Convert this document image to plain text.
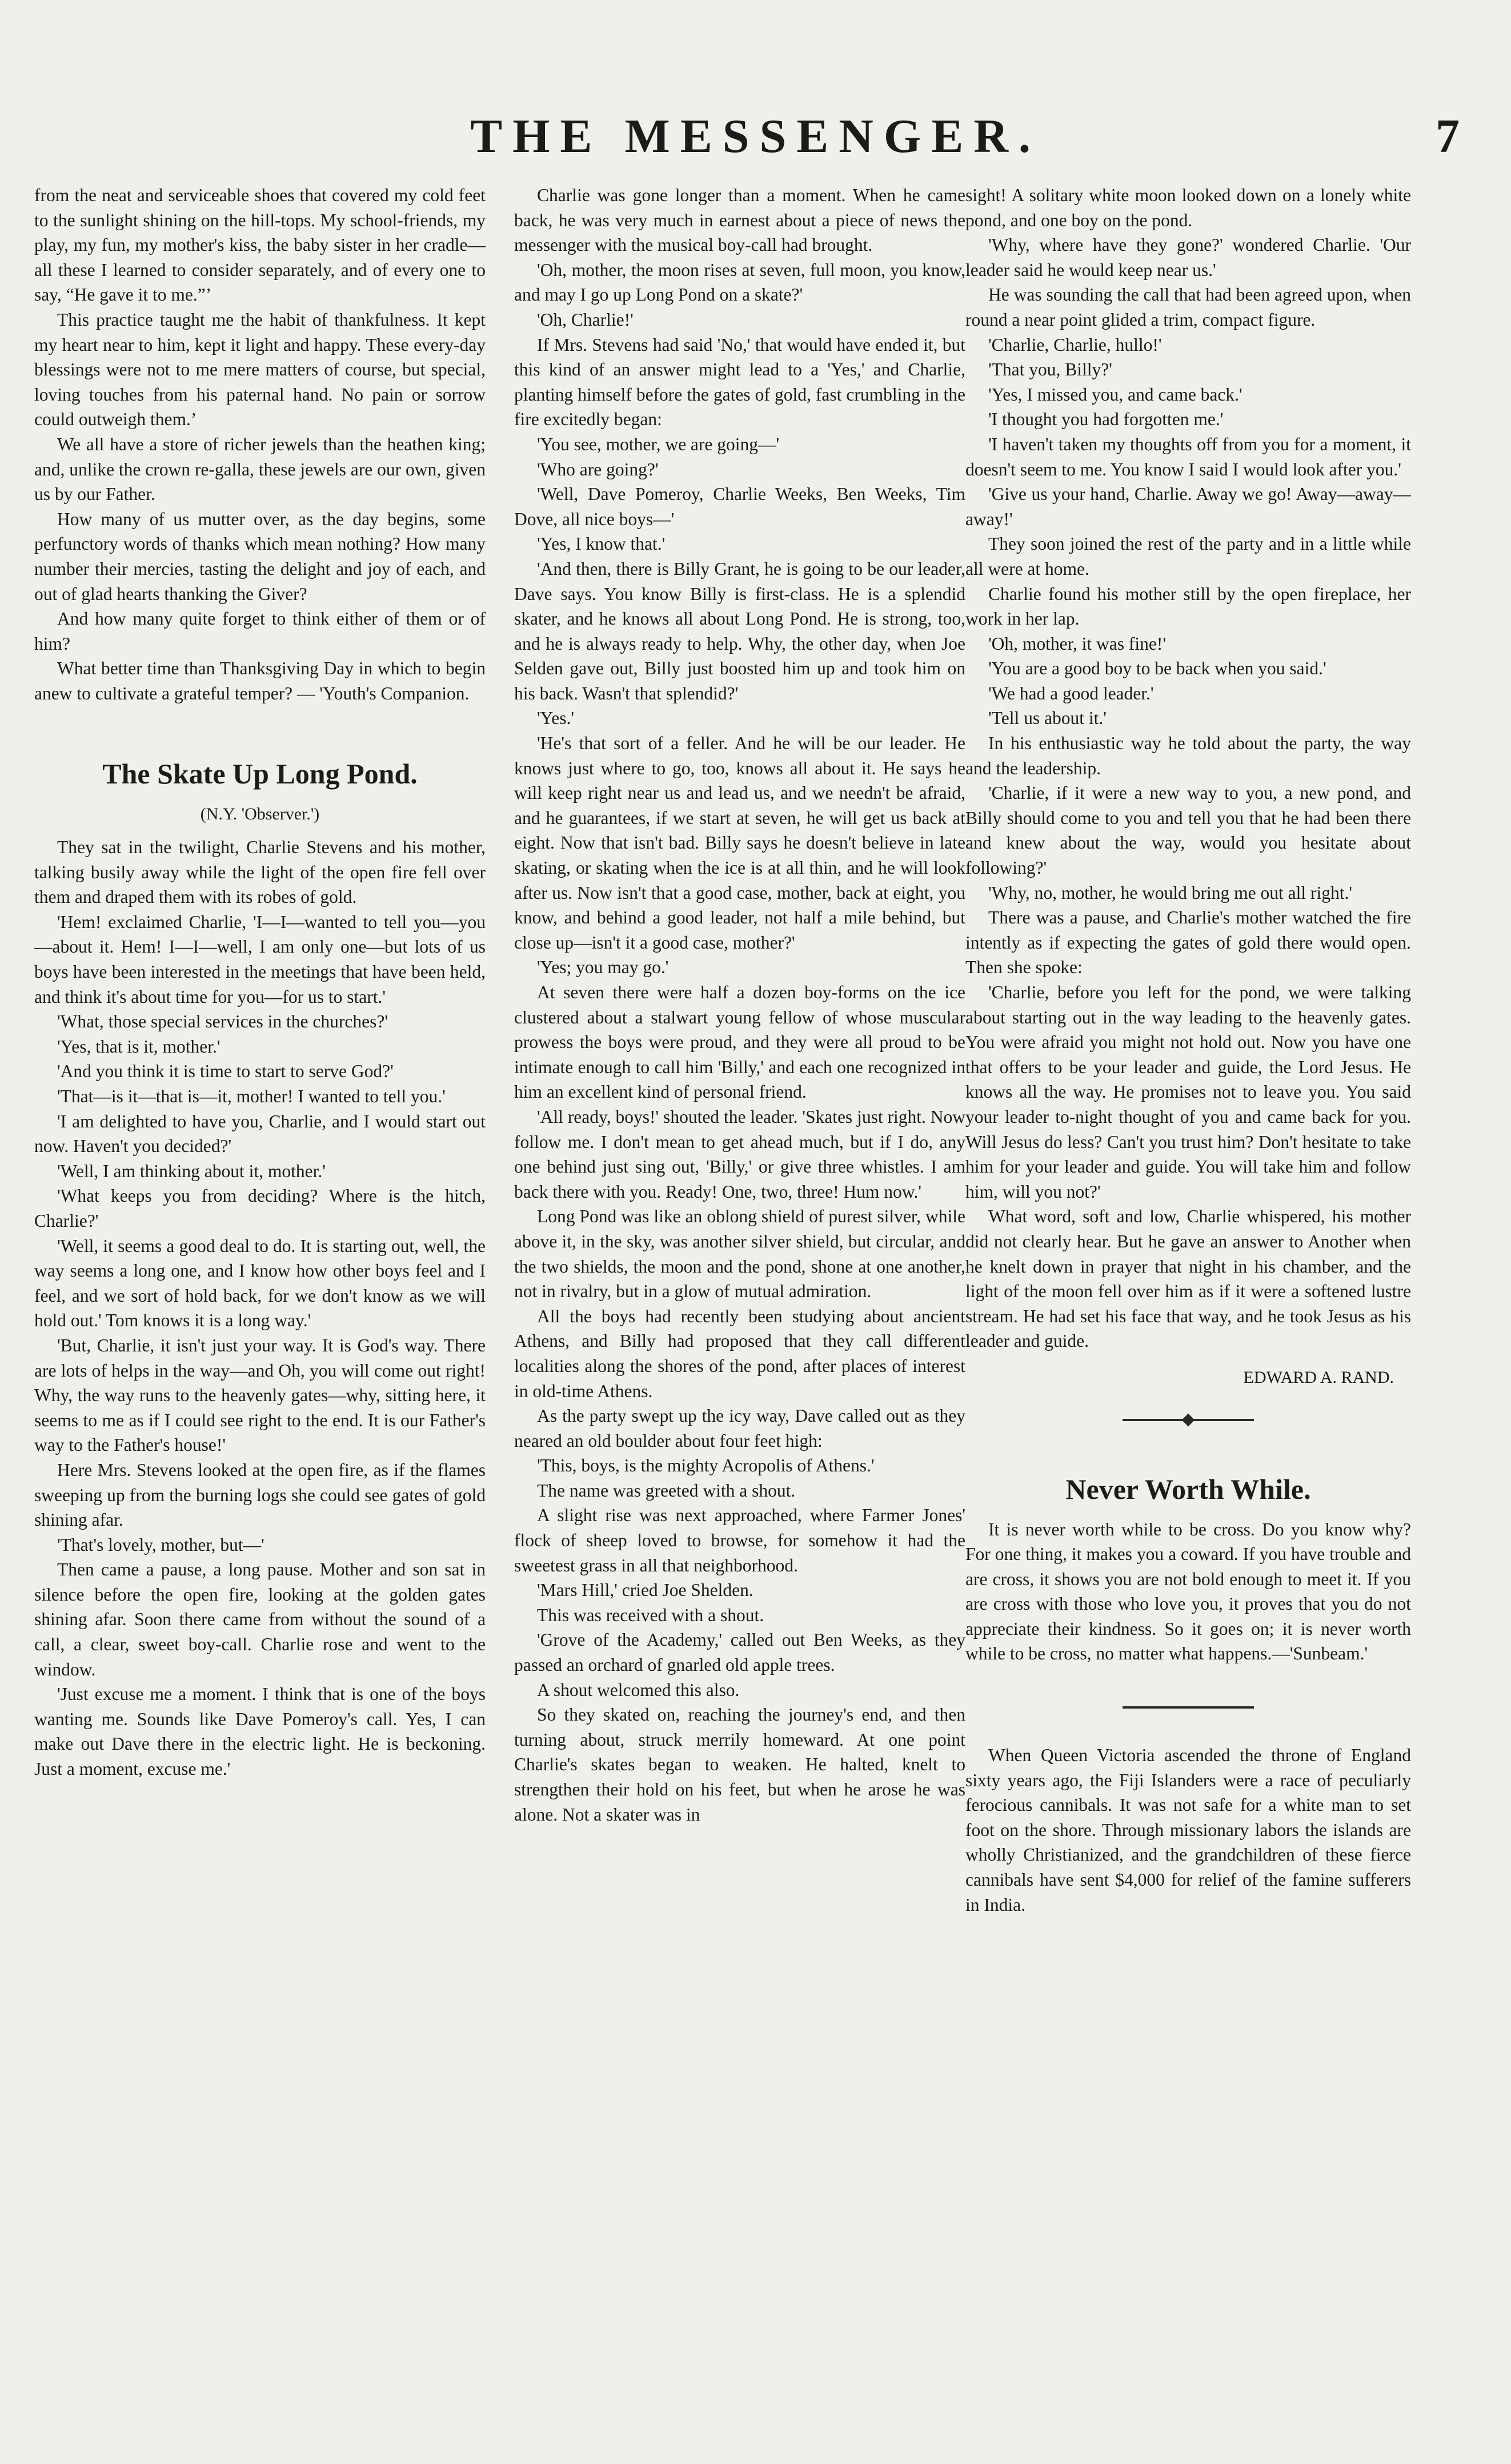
THE MESSENGER.	7

from the neat and serviceable shoes that covered my cold feet to the sunlight shining on the hill-tops. My school-friends, my play, my fun, my mother's kiss, the baby sister in her cradle—all these I learned to consider separately, and of every one to say, “He gave it to me.”’

This practice taught me the habit of thankfulness. It kept my heart near to him, kept it light and happy. These every-day blessings were not to me mere matters of course, but special, loving touches from his paternal hand. No pain or sorrow could outweigh them.’

We all have a store of richer jewels than the heathen king; and, unlike the crown re-galla, these jewels are our own, given us by our Father.

How many of us mutter over, as the day begins, some perfunctory words of thanks which mean nothing? How many number their mercies, tasting the delight and joy of each, and out of glad hearts thanking the Giver?

And how many quite forget to think either of them or of him?

What better time than Thanksgiving Day in which to begin anew to cultivate a grateful temper? — 'Youth's Companion.

The Skate Up Long Pond.
(N.Y. 'Observer.')

They sat in the twilight, Charlie Stevens and his mother, talking busily away while the light of the open fire fell over them and draped them with its robes of gold.

'Hem! exclaimed Charlie, 'I—I—wanted to tell you—you—about it. Hem! I—I—well, I am only one—but lots of us boys have been interested in the meetings that have been held, and think it's about time for you—for us to start.'

'What, those special services in the churches?'

'Yes, that is it, mother.'

'And you think it is time to start to serve God?'

'That—is it—that is—it, mother! I wanted to tell you.'

'I am delighted to have you, Charlie, and I would start out now. Haven't you decided?'

'Well, I am thinking about it, mother.'

'What keeps you from deciding? Where is the hitch, Charlie?'

'Well, it seems a good deal to do. It is starting out, well, the way seems a long one, and I know how other boys feel and I feel, and we sort of hold back, for we don't know as we will hold out.' Tom knows it is a long way.'

'But, Charlie, it isn't just your way. It is God's way. There are lots of helps in the way—and Oh, you will come out right! Why, the way runs to the heavenly gates—why, sitting here, it seems to me as if I could see right to the end. It is our Father's way to the Father's house!'

Here Mrs. Stevens looked at the open fire, as if the flames sweeping up from the burning logs she could see gates of gold shining afar.

'That's lovely, mother, but—'

Then came a pause, a long pause. Mother and son sat in silence before the open fire, looking at the golden gates shining afar. Soon there came from without the sound of a call, a clear, sweet boy-call. Charlie rose and went to the window.

'Just excuse me a moment. I think that is one of the boys wanting me. Sounds like Dave Pomeroy's call. Yes, I can make out Dave there in the electric light. He is beckoning. Just a moment, excuse me.'

Charlie was gone longer than a moment. When he came back, he was very much in earnest about a piece of news the messenger with the musical boy-call had brought.

'Oh, mother, the moon rises at seven, full moon, you know, and may I go up Long Pond on a skate?'

'Oh, Charlie!'

If Mrs. Stevens had said 'No,' that would have ended it, but this kind of an answer might lead to a 'Yes,' and Charlie, planting himself before the gates of gold, fast crumbling in the fire excitedly began:

'You see, mother, we are going—'

'Who are going?'

'Well, Dave Pomeroy, Charlie Weeks, Ben Weeks, Tim Dove, all nice boys—'

'Yes, I know that.'

'And then, there is Billy Grant, he is going to be our leader, Dave says. You know Billy is first-class. He is a splendid skater, and he knows all about Long Pond. He is strong, too, and he is always ready to help. Why, the other day, when Joe Selden gave out, Billy just boosted him up and took him on his back. Wasn't that splendid?'

'Yes.'

'He's that sort of a feller. And he will be our leader. He knows just where to go, too, knows all about it. He says he will keep right near us and lead us, and we needn't be afraid, and he guarantees, if we start at seven, he will get us back at eight. Now that isn't bad. Billy says he doesn't believe in late skating, or skating when the ice is at all thin, and he will look after us. Now isn't that a good case, mother, back at eight, you know, and behind a good leader, not half a mile behind, but close up—isn't it a good case, mother?'

'Yes; you may go.'

At seven there were half a dozen boy-forms on the ice clustered about a stalwart young fellow of whose muscular prowess the boys were proud, and they were all proud to be intimate enough to call him 'Billy,' and each one recognized in him an excellent kind of personal friend.

'All ready, boys!' shouted the leader. 'Skates just right. Now follow me. I don't mean to get ahead much, but if I do, any one behind just sing out, 'Billy,' or give three whistles. I am back there with you. Ready! One, two, three! Hum now.'

Long Pond was like an oblong shield of purest silver, while above it, in the sky, was another silver shield, but circular, and the two shields, the moon and the pond, shone at one another, not in rivalry, but in a glow of mutual admiration.

All the boys had recently been studying about ancient Athens, and Billy had proposed that they call different localities along the shores of the pond, after places of interest in old-time Athens.

As the party swept up the icy way, Dave called out as they neared an old boulder about four feet high:

'This, boys, is the mighty Acropolis of Athens.'

The name was greeted with a shout.

A slight rise was next approached, where Farmer Jones' flock of sheep loved to browse, for somehow it had the sweetest grass in all that neighborhood.

'Mars Hill,' cried Joe Shelden.

This was received with a shout.

'Grove of the Academy,' called out Ben Weeks, as they passed an orchard of gnarled old apple trees.

A shout welcomed this also.

So they skated on, reaching the journey's end, and then turning about, struck merrily homeward. At one point Charlie's skates began to weaken. He halted, knelt to strengthen their hold on his feet, but when he arose he was alone. Not a skater was in

sight! A solitary white moon looked down on a lonely white pond, and one boy on the pond.

'Why, where have they gone?' wondered Charlie. 'Our leader said he would keep near us.'

He was sounding the call that had been agreed upon, when round a near point glided a trim, compact figure.

'Charlie, Charlie, hullo!'

'That you, Billy?'

'Yes, I missed you, and came back.'

'I thought you had forgotten me.'

'I haven't taken my thoughts off from you for a moment, it doesn't seem to me. You know I said I would look after you.'

'Give us your hand, Charlie. Away we go! Away—away—away!'

They soon joined the rest of the party and in a little while all were at home.

Charlie found his mother still by the open fireplace, her work in her lap.

'Oh, mother, it was fine!'

'You are a good boy to be back when you said.'

'We had a good leader.'

'Tell us about it.'

In his enthusiastic way he told about the party, the way and the leadership.

'Charlie, if it were a new way to you, a new pond, and Billy should come to you and tell you that he had been there and knew about the way, would you hesitate about following?'

'Why, no, mother, he would bring me out all right.'

There was a pause, and Charlie's mother watched the fire intently as if expecting the gates of gold there would open. Then she spoke:

'Charlie, before you left for the pond, we were talking about starting out in the way leading to the heavenly gates. You were afraid you might not hold out. Now you have one that offers to be your leader and guide, the Lord Jesus. He knows all the way. He promises not to leave you. You said your leader to-night thought of you and came back for you. Will Jesus do less? Can't you trust him? Don't hesitate to take him for your leader and guide. You will take him and follow him, will you not?'

What word, soft and low, Charlie whispered, his mother did not clearly hear. But he gave an answer to Another when he knelt down in prayer that night in his chamber, and the light of the moon fell over him as if it were a softened lustre stream. He had set his face that way, and he took Jesus as his leader and guide.

EDWARD A. RAND.
Never Worth While.

It is never worth while to be cross. Do you know why? For one thing, it makes you a coward. If you have trouble and are cross, it shows you are not bold enough to meet it. If you are cross with those who love you, it proves that you do not appreciate their kindness. So it goes on; it is never worth while to be cross, no matter what happens.—'Sunbeam.'

When Queen Victoria ascended the throne of England sixty years ago, the Fiji Islanders were a race of peculiarly ferocious cannibals. It was not safe for a white man to set foot on the shore. Through missionary labors the islands are wholly Christianized, and the grandchildren of these fierce cannibals have sent $4,000 for relief of the famine sufferers in India.
